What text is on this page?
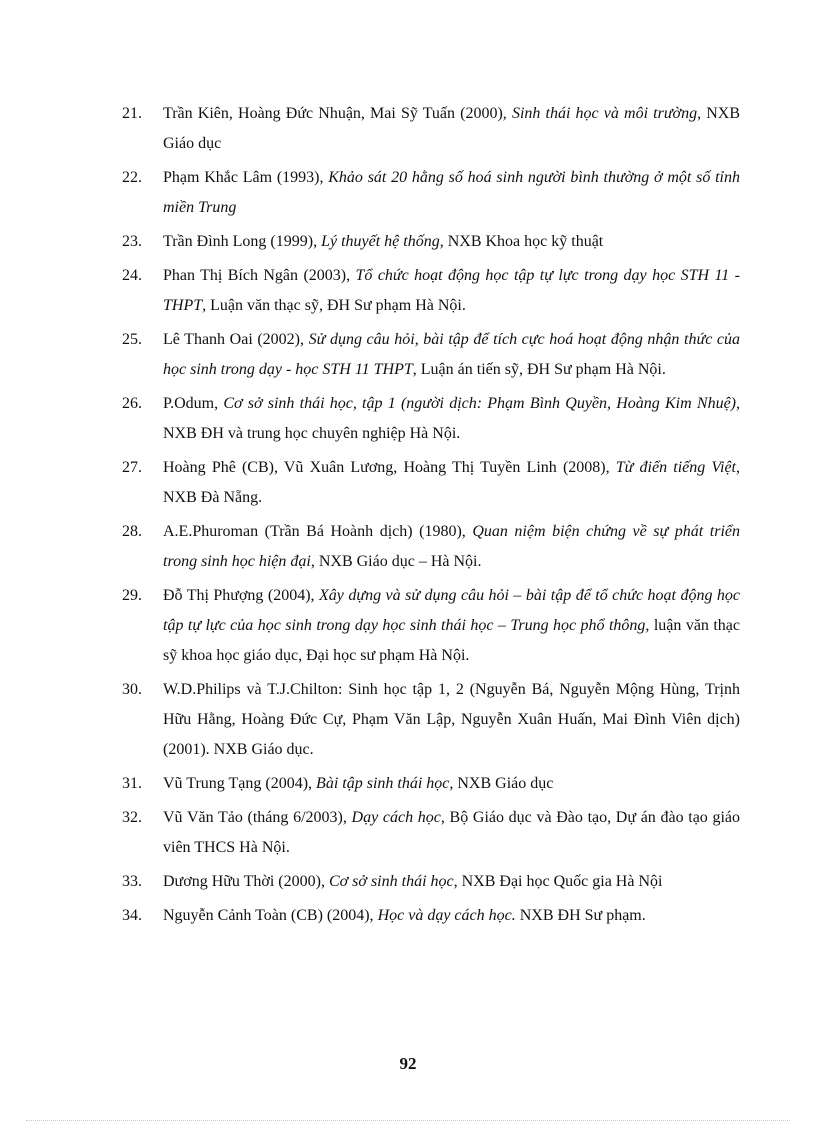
21. Trần Kiên, Hoàng Đức Nhuận, Mai Sỹ Tuấn (2000), Sinh thái học và môi trường, NXB Giáo dục
22. Phạm Khắc Lâm (1993), Khảo sát 20 hằng số hoá sinh người bình thường ở một số tỉnh miền Trung
23. Trần Đình Long (1999), Lý thuyết hệ thống, NXB Khoa học kỹ thuật
24. Phan Thị Bích Ngân (2003), Tổ chức hoạt động học tập tự lực trong dạy học STH 11 - THPT, Luận văn thạc sỹ, ĐH Sư phạm Hà Nội.
25. Lê Thanh Oai (2002), Sử dụng câu hỏi, bài tập để tích cực hoá hoạt động nhận thức của học sinh trong dạy - học STH 11 THPT, Luận án tiến sỹ, ĐH Sư phạm Hà Nội.
26. P.Odum, Cơ sở sinh thái học, tập 1 (người dịch: Phạm Bình Quyền, Hoàng Kim Nhuệ), NXB ĐH và trung học chuyên nghiệp Hà Nội.
27. Hoàng Phê (CB), Vũ Xuân Lương, Hoàng Thị Tuyền Linh (2008), Từ điển tiếng Việt, NXB Đà Nẵng.
28. A.E.Phuroman (Trần Bá Hoành dịch) (1980), Quan niệm biện chứng về sự phát triển trong sinh học hiện đại, NXB Giáo dục – Hà Nội.
29. Đỗ Thị Phượng (2004), Xây dựng và sử dụng câu hỏi – bài tập để tổ chức hoạt động học tập tự lực của học sinh trong dạy học sinh thái học – Trung học phổ thông, luận văn thạc sỹ khoa học giáo dục, Đại học sư phạm Hà Nội.
30. W.D.Philips và T.J.Chilton: Sinh học tập 1, 2 (Nguyễn Bá, Nguyễn Mộng Hùng, Trịnh Hữu Hằng, Hoàng Đức Cự, Phạm Văn Lập, Nguyễn Xuân Huấn, Mai Đình Viên dịch) (2001). NXB Giáo dục.
31. Vũ Trung Tạng (2004), Bài tập sinh thái học, NXB Giáo dục
32. Vũ Văn Tảo (tháng 6/2003), Dạy cách học, Bộ Giáo dục và Đào tạo, Dự án đào tạo giáo viên THCS Hà Nội.
33. Dương Hữu Thời (2000), Cơ sở sinh thái học, NXB Đại học Quốc gia Hà Nội
34. Nguyễn Cảnh Toàn (CB) (2004), Học và dạy cách học. NXB ĐH Sư phạm.
92
